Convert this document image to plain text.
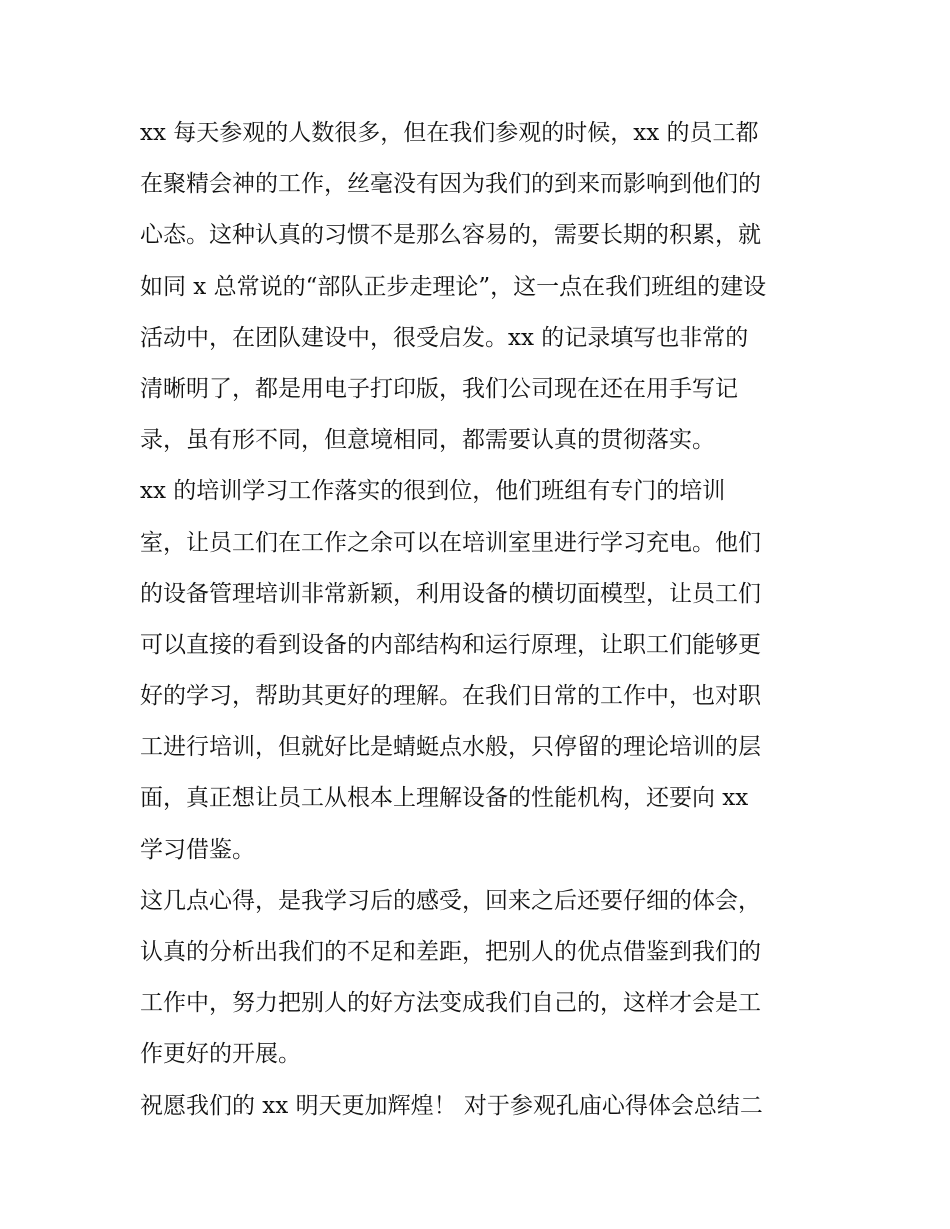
xx 每天参观的人数很多，但在我们参观的时候，xx 的员工都
在聚精会神的工作，丝毫没有因为我们的到来而影响到他们的
心态。这种认真的习惯不是那么容易的，需要长期的积累，就
如同 x 总常说的“部队正步走理论”，这一点在我们班组的建设
活动中，在团队建设中，很受启发。xx 的记录填写也非常的
清晰明了，都是用电子打印版，我们公司现在还在用手写记
录，虽有形不同，但意境相同，都需要认真的贯彻落实。
xx 的培训学习工作落实的很到位，他们班组有专门的培训
室，让员工们在工作之余可以在培训室里进行学习充电。他们
的设备管理培训非常新颖，利用设备的横切面模型，让员工们
可以直接的看到设备的内部结构和运行原理，让职工们能够更
好的学习，帮助其更好的理解。在我们日常的工作中，也对职
工进行培训，但就好比是蜻蜓点水般，只停留的理论培训的层
面，真正想让员工从根本上理解设备的性能机构，还要向 xx
学习借鉴。
这几点心得，是我学习后的感受，回来之后还要仔细的体会，
认真的分析出我们的不足和差距，把别人的优点借鉴到我们的
工作中，努力把别人的好方法变成我们自己的，这样才会是工
作更好的开展。
祝愿我们的 xx 明天更加辉煌！ 对于参观孔庙心得体会总结二
